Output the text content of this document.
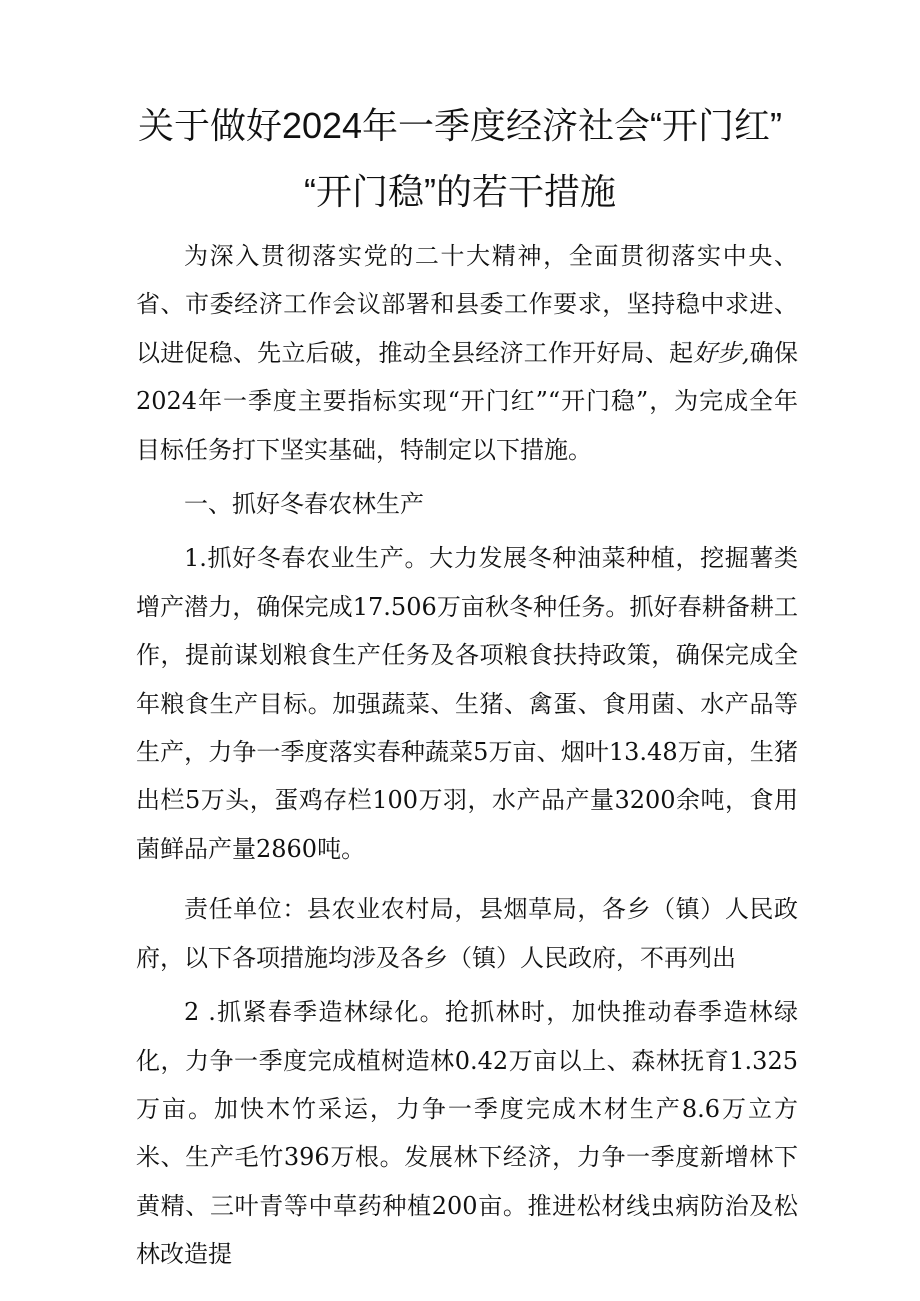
关于做好2024年一季度经济社会“开门红”
“开门稳”的若干措施

为深入贯彻落实党的二十大精神，全面贯彻落实中央、省、市委经济工作会议部署和县委工作要求，坚持稳中求进、以进促稳、先立后破，推动全县经济工作开好局、起好步,确保2024年一季度主要指标实现“开门红”“开门稳”，为完成全年目标任务打下坚实基础，特制定以下措施。

一、抓好冬春农林生产

1.抓好冬春农业生产。大力发展冬种油菜种植，挖掘薯类增产潜力，确保完成17.506万亩秋冬种任务。抓好春耕备耕工作，提前谋划粮食生产任务及各项粮食扶持政策，确保完成全年粮食生产目标。加强蔬菜、生猪、禽蛋、食用菌、水产品等生产，力争一季度落实春种蔬菜5万亩、烟叶13.48万亩，生猪出栏5万头，蛋鸡存栏100万羽，水产品产量3200余吨，食用菌鲜品产量2860吨。

责任单位：县农业农村局，县烟草局，各乡（镇）人民政府，以下各项措施均涉及各乡（镇）人民政府，不再列出

2 .抓紧春季造林绿化。抢抓林时，加快推动春季造林绿化，力争一季度完成植树造林0.42万亩以上、森林抚育1.325万亩。加快木竹采运，力争一季度完成木材生产8.6万立方米、生产毛竹396万根。发展林下经济，力争一季度新增林下黄精、三叶青等中草药种植200亩。推进松材线虫病防治及松林改造提
